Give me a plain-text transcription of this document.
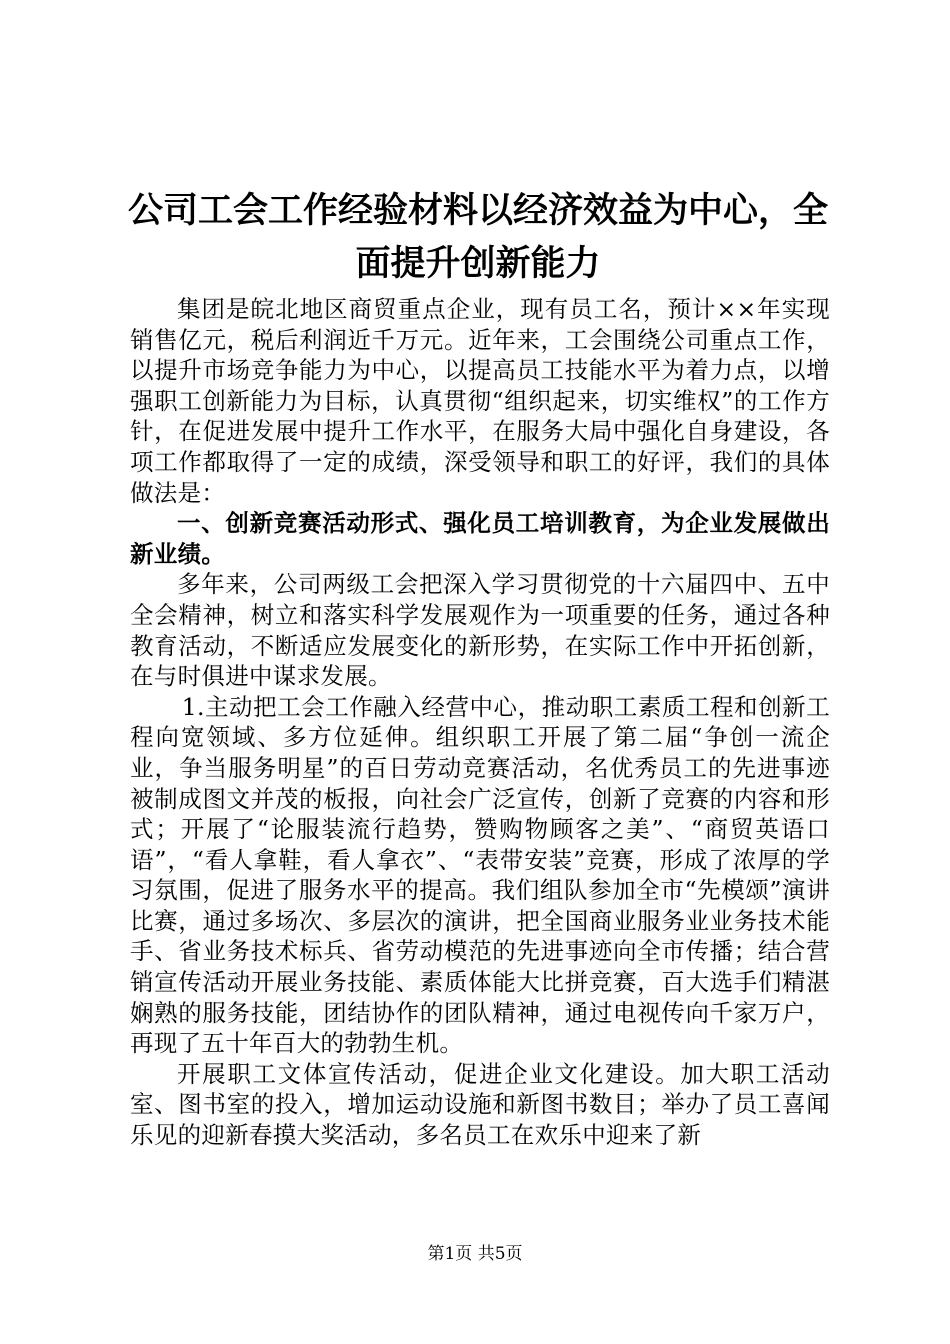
公司工会工作经验材料以经济效益为中心，全面提升创新能力

集团是皖北地区商贸重点企业，现有员工名，预计××年实现销售亿元，税后利润近千万元。近年来，工会围绕公司重点工作，以提升市场竞争能力为中心，以提高员工技能水平为着力点，以增强职工创新能力为目标，认真贯彻“组织起来，切实维权”的工作方针，在促进发展中提升工作水平，在服务大局中强化自身建设，各项工作都取得了一定的成绩，深受领导和职工的好评，我们的具体做法是：

一、创新竞赛活动形式、强化员工培训教育，为企业发展做出新业绩。

多年来，公司两级工会把深入学习贯彻党的十六届四中、五中全会精神，树立和落实科学发展观作为一项重要的任务，通过各种教育活动，不断适应发展变化的新形势，在实际工作中开拓创新，在与时俱进中谋求发展。

1.主动把工会工作融入经营中心，推动职工素质工程和创新工程向宽领域、多方位延伸。组织职工开展了第二届“争创一流企业，争当服务明星”的百日劳动竞赛活动，名优秀员工的先进事迹被制成图文并茂的板报，向社会广泛宣传，创新了竞赛的内容和形式；开展了“论服装流行趋势，赞购物顾客之美”、“商贸英语口语”，“看人拿鞋，看人拿衣”、“表带安装”竞赛，形成了浓厚的学习氛围，促进了服务水平的提高。我们组队参加全市“先模颂”演讲比赛，通过多场次、多层次的演讲，把全国商业服务业业务技术能手、省业务技术标兵、省劳动模范的先进事迹向全市传播；结合营销宣传活动开展业务技能、素质体能大比拼竞赛，百大选手们精湛娴熟的服务技能，团结协作的团队精神，通过电视传向千家万户，再现了五十年百大的勃勃生机。

开展职工文体宣传活动，促进企业文化建设。加大职工活动室、图书室的投入，增加运动设施和新图书数目；举办了员工喜闻乐见的迎新春摸大奖活动，多名员工在欢乐中迎来了新

第1页 共5页
